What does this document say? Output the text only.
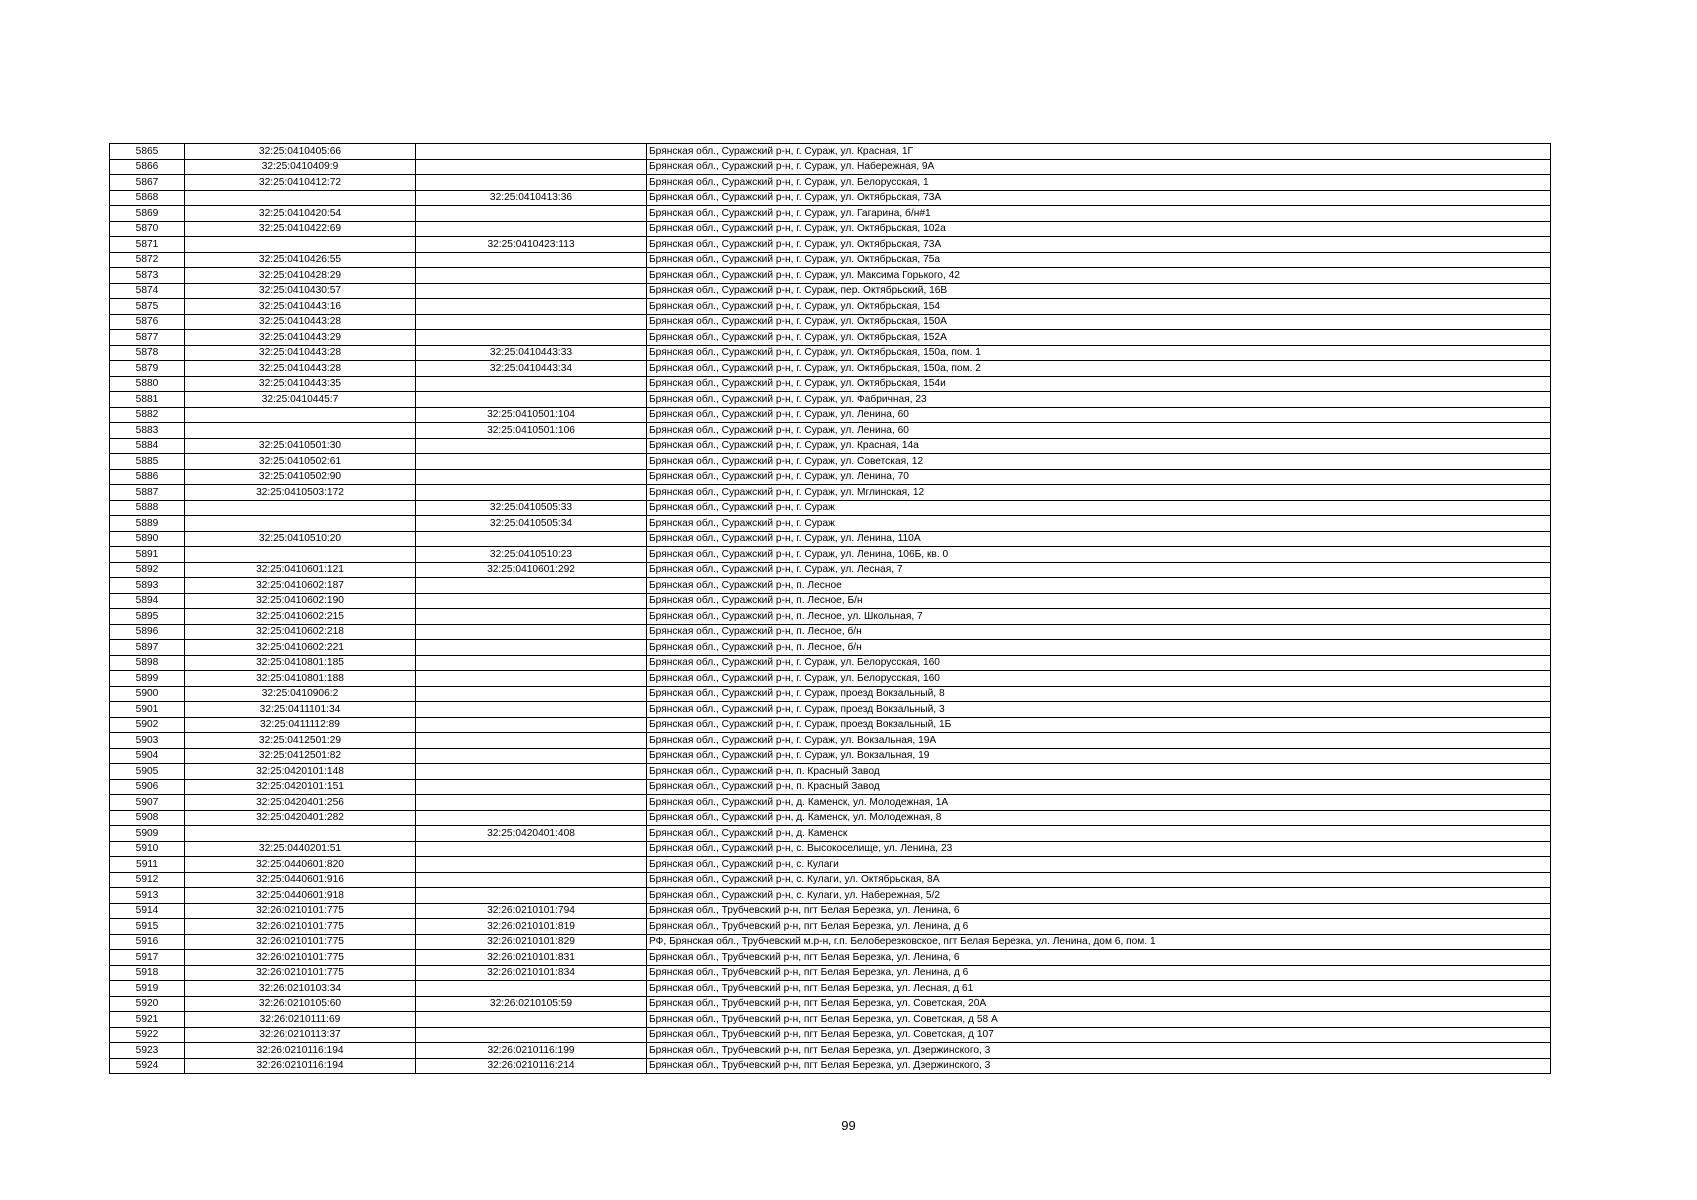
5865	32:25:0410405:66		Брянская обл., Суражский р-н, г. Сураж, ул. Красная, 1Г
5866	32:25:0410409:9		Брянская обл., Суражский р-н, г. Сураж, ул. Набережная, 9А
5867	32:25:0410412:72		Брянская обл., Суражский р-н, г. Сураж, ул. Белорусская, 1
5868		32:25:0410413:36	Брянская обл., Суражский р-н, г. Сураж, ул. Октябрьская, 73А
5869	32:25:0410420:54		Брянская обл., Суражский р-н, г. Сураж, ул. Гагарина, б/н#1
5870	32:25:0410422:69		Брянская обл., Суражский р-н, г. Сураж, ул. Октябрьская, 102а
5871		32:25:0410423:113	Брянская обл., Суражский р-н, г. Сураж, ул. Октябрьская, 73А
5872	32:25:0410426:55		Брянская обл., Суражский р-н, г. Сураж, ул. Октябрьская, 75а
5873	32:25:0410428:29		Брянская обл., Суражский р-н, г. Сураж, ул. Максима Горького, 42
5874	32:25:0410430:57		Брянская обл., Суражский р-н, г. Сураж, пер. Октябрьский, 16В
5875	32:25:0410443:16		Брянская обл., Суражский р-н, г. Сураж, ул. Октябрьская, 154
5876	32:25:0410443:28		Брянская обл., Суражский р-н, г. Сураж, ул. Октябрьская, 150А
5877	32:25:0410443:29		Брянская обл., Суражский р-н, г. Сураж, ул. Октябрьская, 152А
5878	32:25:0410443:28	32:25:0410443:33	Брянская обл., Суражский р-н, г. Сураж, ул. Октябрьская, 150а, пом. 1
5879	32:25:0410443:28	32:25:0410443:34	Брянская обл., Суражский р-н, г. Сураж, ул. Октябрьская, 150а, пом. 2
5880	32:25:0410443:35		Брянская обл., Суражский р-н, г. Сураж, ул. Октябрьская, 154и
5881	32:25:0410445:7		Брянская обл., Суражский р-н, г. Сураж, ул. Фабричная, 23
5882		32:25:0410501:104	Брянская обл., Суражский р-н, г. Сураж, ул. Ленина, 60
5883		32:25:0410501:106	Брянская обл., Суражский р-н, г. Сураж, ул. Ленина, 60
5884	32:25:0410501:30		Брянская обл., Суражский р-н, г. Сураж, ул. Красная, 14а
5885	32:25:0410502:61		Брянская обл., Суражский р-н, г. Сураж, ул. Советская, 12
5886	32:25:0410502:90		Брянская обл., Суражский р-н, г. Сураж, ул. Ленина, 70
5887	32:25:0410503:172		Брянская обл., Суражский р-н, г. Сураж, ул. Мглинская, 12
5888		32:25:0410505:33	Брянская обл., Суражский р-н, г. Сураж
5889		32:25:0410505:34	Брянская обл., Суражский р-н, г. Сураж
5890	32:25:0410510:20		Брянская обл., Суражский р-н, г. Сураж, ул. Ленина, 110А
5891		32:25:0410510:23	Брянская обл., Суражский р-н, г. Сураж, ул. Ленина, 106Б, кв. 0
5892	32:25:0410601:121	32:25:0410601:292	Брянская обл., Суражский р-н, г. Сураж, ул. Лесная, 7
5893	32:25:0410602:187		Брянская обл., Суражский р-н, п. Лесное
5894	32:25:0410602:190		Брянская обл., Суражский р-н, п. Лесное, Б/н
5895	32:25:0410602:215		Брянская обл., Суражский р-н, п. Лесное, ул. Школьная, 7
5896	32:25:0410602:218		Брянская обл., Суражский р-н, п. Лесное, б/н
5897	32:25:0410602:221		Брянская обл., Суражский р-н, п. Лесное, б/н
5898	32:25:0410801:185		Брянская обл., Суражский р-н, г. Сураж, ул. Белорусская, 160
5899	32:25:0410801:188		Брянская обл., Суражский р-н, г. Сураж, ул. Белорусская, 160
5900	32:25:0410906:2		Брянская обл., Суражский р-н, г. Сураж, проезд Вокзальный, 8
5901	32:25:0411101:34		Брянская обл., Суражский р-н, г. Сураж, проезд Вокзальный, 3
5902	32:25:0411112:89		Брянская обл., Суражский р-н, г. Сураж, проезд Вокзальный, 1Б
5903	32:25:0412501:29		Брянская обл., Суражский р-н, г. Сураж, ул. Вокзальная, 19А
5904	32:25:0412501:82		Брянская обл., Суражский р-н, г. Сураж, ул. Вокзальная, 19
5905	32:25:0420101:148		Брянская обл., Суражский р-н, п. Красный Завод
5906	32:25:0420101:151		Брянская обл., Суражский р-н, п. Красный Завод
5907	32:25:0420401:256		Брянская обл., Суражский р-н, д. Каменск, ул. Молодежная, 1А
5908	32:25:0420401:282		Брянская обл., Суражский р-н, д. Каменск, ул. Молодежная, 8
5909		32:25:0420401:408	Брянская обл., Суражский р-н, д. Каменск
5910	32:25:0440201:51		Брянская обл., Суражский р-н, с. Высокоселище, ул. Ленина, 23
5911	32:25:0440601:820		Брянская обл., Суражский р-н, с. Кулаги
5912	32:25:0440601:916		Брянская обл., Суражский р-н, с. Кулаги, ул. Октябрьская, 8А
5913	32:25:0440601:918		Брянская обл., Суражский р-н, с. Кулаги, ул. Набережная, 5/2
5914	32:26:0210101:775	32:26:0210101:794	Брянская обл., Трубчевский р-н, пгт Белая Березка, ул. Ленина, 6
5915	32:26:0210101:775	32:26:0210101:819	Брянская обл., Трубчевский р-н, пгт Белая Березка, ул. Ленина, д 6
5916	32:26:0210101:775	32:26:0210101:829	РФ, Брянская обл., Трубчевский м.р-н, г.п. Белоберезковское, пгт Белая Березка, ул. Ленина, дом 6, пом. 1
5917	32:26:0210101:775	32:26:0210101:831	Брянская обл., Трубчевский р-н, пгт Белая Березка, ул. Ленина, 6
5918	32:26:0210101:775	32:26:0210101:834	Брянская обл., Трубчевский р-н, пгт Белая Березка, ул. Ленина, д 6
5919	32:26:0210103:34		Брянская обл., Трубчевский р-н, пгт Белая Березка, ул. Лесная, д 61
5920	32:26:0210105:60	32:26:0210105:59	Брянская обл., Трубчевский р-н, пгт Белая Березка, ул. Советская, 20А
5921	32:26:0210111:69		Брянская обл., Трубчевский р-н, пгт Белая Березка, ул. Советская, д 58 А
5922	32:26:0210113:37		Брянская обл., Трубчевский р-н, пгт Белая Березка, ул. Советская, д 107
5923	32:26:0210116:194	32:26:0210116:199	Брянская обл., Трубчевский р-н, пгт Белая Березка, ул. Дзержинского, 3
5924	32:26:0210116:194	32:26:0210116:214	Брянская обл., Трубчевский р-н, пгт Белая Березка, ул. Дзержинского, 3
99
